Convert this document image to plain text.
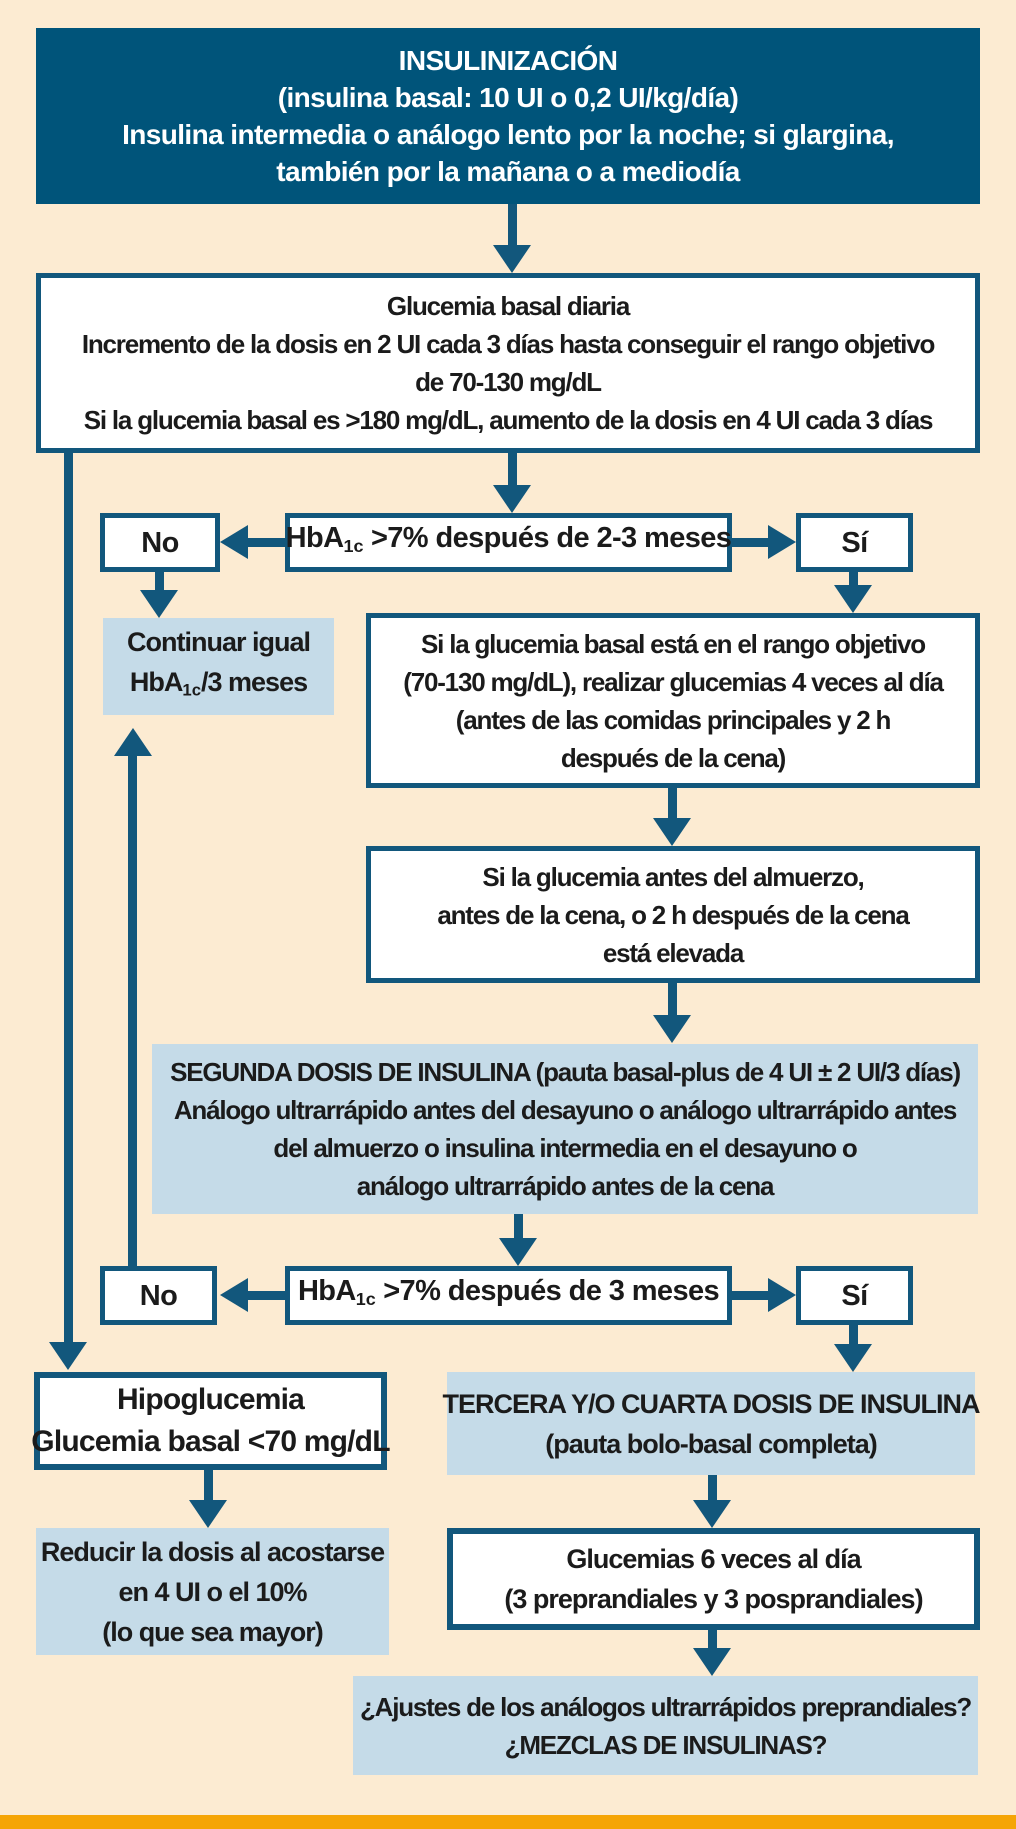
INSULINIZACIÓN
(insulina basal: 10 UI o 0,2 UI/kg/día)
Insulina intermedia o análogo lento por la noche; si glargina,
también por la mañana o a mediodía
Glucemia basal diaria
Incremento de la dosis en 2 UI cada 3 días hasta conseguir el rango objetivo
de 70-130 mg/dL
Si la glucemia basal es >180 mg/dL, aumento de la dosis en 4 UI cada 3 días
No	HbA$_{1c}$ >7% después de 2-3 meses	Sí
Continuar igual
HbA$_{1c}$/3 meses
Si la glucemia basal está en el rango objetivo
(70-130 mg/dL), realizar glucemias 4 veces al día
(antes de las comidas principales y 2 h
después de la cena)
Si la glucemia antes del almuerzo,
antes de la cena, o 2 h después de la cena
está elevada
SEGUNDA DOSIS DE INSULINA (pauta basal-plus de 4 UI ± 2 UI/3 días)
Análogo ultrarrápido antes del desayuno o análogo ultrarrápido antes
del almuerzo o insulina intermedia en el desayuno o
análogo ultrarrápido antes de la cena
No	HbA$_{1c}$ >7% después de 3 meses	Sí
Hipoglucemia
Glucemia basal <70 mg/dL
TERCERA Y/O CUARTA DOSIS DE INSULINA
(pauta bolo-basal completa)
Reducir la dosis al acostarse
en 4 UI o el 10%
(lo que sea mayor)
Glucemias 6 veces al día
(3 preprandiales y 3 posprandiales)
¿Ajustes de los análogos ultrarrápidos preprandiales?
¿MEZCLAS DE INSULINAS?
